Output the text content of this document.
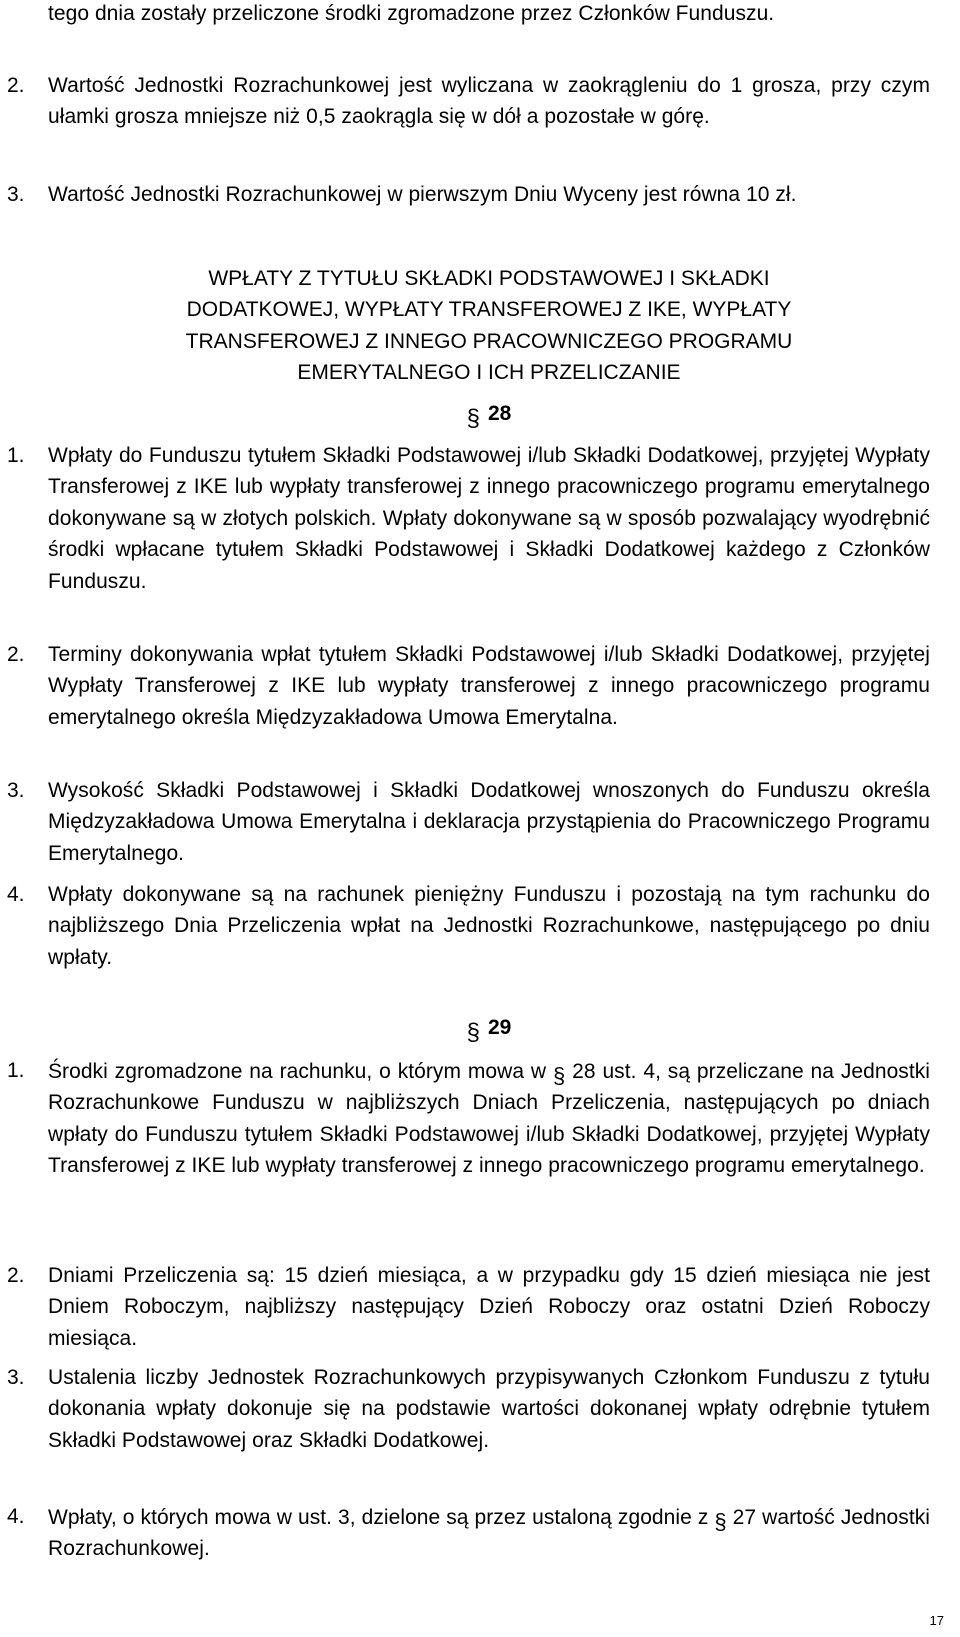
tego dnia zostały przeliczone środki zgromadzone przez Członków Funduszu.
2. Wartość Jednostki Rozrachunkowej jest wyliczana w zaokrągleniu do 1 grosza, przy czym ułamki grosza mniejsze niż 0,5 zaokrągla się w dół a pozostałe w górę.
3. Wartość Jednostki Rozrachunkowej w pierwszym Dniu Wyceny jest równa 10 zł.
WPŁATY Z TYTUŁU SKŁADKI PODSTAWOWEJ I SKŁADKI
DODATKOWEJ, WYPŁATY TRANSFEROWEJ Z IKE, WYPŁATY
TRANSFEROWEJ Z INNEGO PRACOWNICZEGO PROGRAMU
EMERYTALNEGO I ICH PRZELICZANIE
§ 28
1. Wpłaty do Funduszu tytułem Składki Podstawowej i/lub Składki Dodatkowej, przyjętej Wypłaty Transferowej z IKE lub wypłaty transferowej z innego pracowniczego programu emerytalnego dokonywane są w złotych polskich. Wpłaty dokonywane są w sposób pozwalający wyodrębnić środki wpłacane tytułem Składki Podstawowej i Składki Dodatkowej każdego z Członków Funduszu.
2. Terminy dokonywania wpłat tytułem Składki Podstawowej i/lub Składki Dodatkowej, przyjętej Wypłaty Transferowej z IKE lub wypłaty transferowej z innego pracowniczego programu emerytalnego określa Międzyzakładowa Umowa Emerytalna.
3. Wysokość Składki Podstawowej i Składki Dodatkowej wnoszonych do Funduszu określa Międzyzakładowa Umowa Emerytalna i deklaracja przystąpienia do Pracowniczego Programu Emerytalnego.
4. Wpłaty dokonywane są na rachunek pieniężny Funduszu i pozostają na tym rachunku do najbliższego Dnia Przeliczenia wpłat na Jednostki Rozrachunkowe, następującego po dniu wpłaty.
§ 29
1. Środki zgromadzone na rachunku, o którym mowa w § 28 ust. 4, są przeliczane na Jednostki Rozrachunkowe Funduszu w najbliższych Dniach Przeliczenia, następujących po dniach wpłaty do Funduszu tytułem Składki Podstawowej i/lub Składki Dodatkowej, przyjętej Wypłaty Transferowej z IKE lub wypłaty transferowej z innego pracowniczego programu emerytalnego.
2. Dniami Przeliczenia są: 15 dzień miesiąca, a w przypadku gdy 15 dzień miesiąca nie jest Dniem Roboczym, najbliższy następujący Dzień Roboczy oraz ostatni Dzień Roboczy miesiąca.
3. Ustalenia liczby Jednostek Rozrachunkowych przypisywanych Członkom Funduszu z tytułu dokonania wpłaty dokonuje się na podstawie wartości dokonanej wpłaty odrębnie tytułem Składki Podstawowej oraz Składki Dodatkowej.
4. Wpłaty, o których mowa w ust. 3, dzielone są przez ustaloną zgodnie z § 27 wartość Jednostki Rozrachunkowej.
17
